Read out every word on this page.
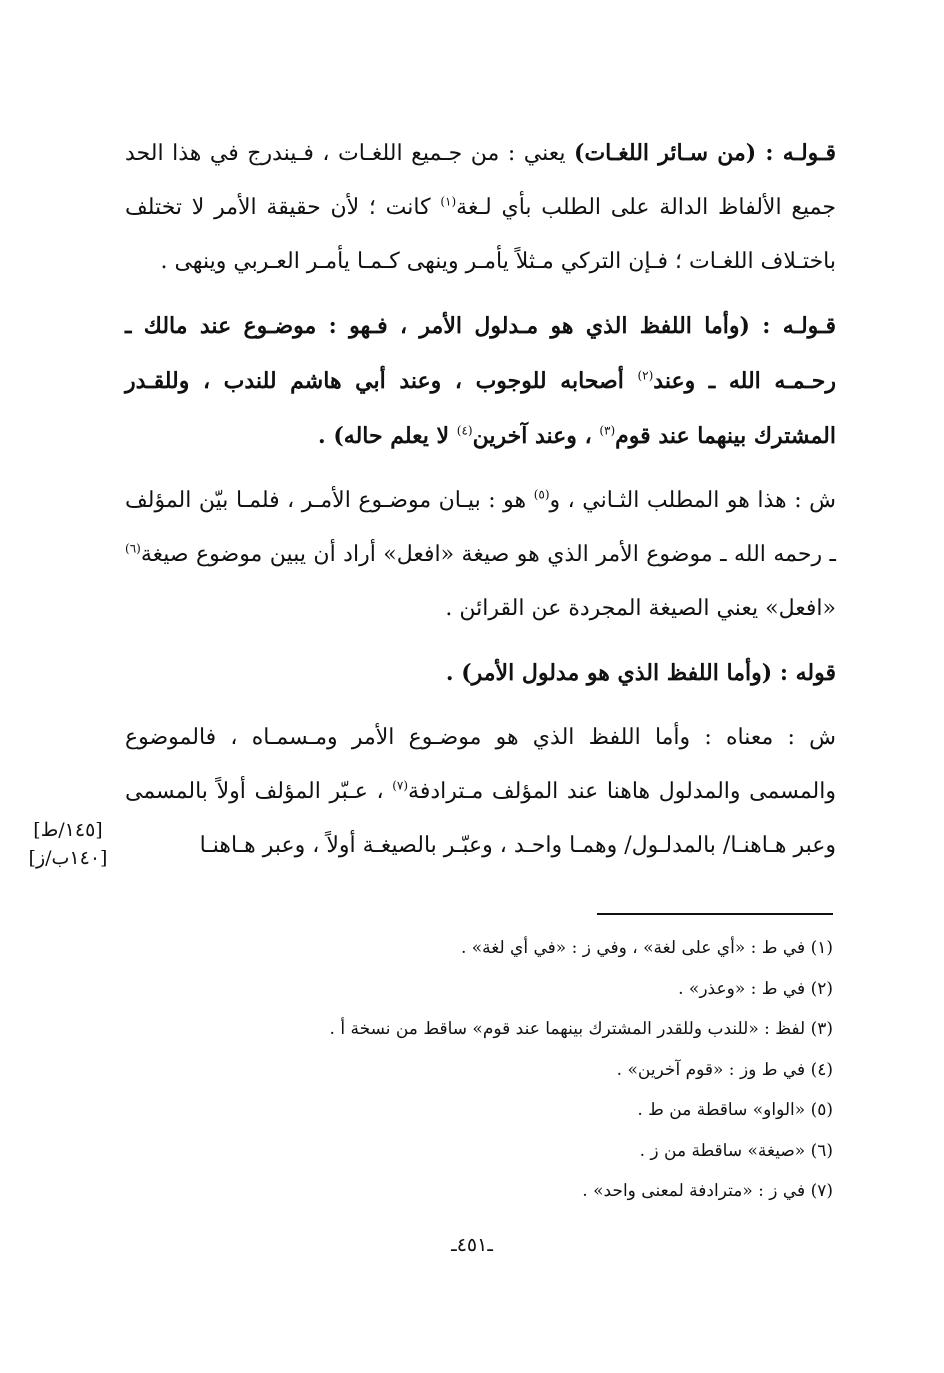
قـولـه : (من سـائر اللغـات) يعني : من جـميع اللغـات ، فـيندرج في هذا الحد جميع الألفاظ الدالة على الطلب بأي لـغة$^{(١)}$ كانت ؛ لأن حقيقة الأمر لا تختلف باختـلاف اللغـات ؛ فـإن التركي مـثلاً يأمـر وينهى كـمـا يأمـر العـربي وينهى .

قـولـه : (وأما اللفظ الذي هو مـدلول الأمر ، فـهو : موضـوع عند مالك ـ رحـمـه الله ـ وعند$^{(٢)}$ أصحابه للوجوب ، وعند أبي هاشم للندب ، وللقـدر المشترك بينهما عند قوم$^{(٣)}$ ، وعند آخرين$^{(٤)}$ لا يعلم حاله) .

ش : هذا هو المطلب الثـاني ، و$^{(٥)}$ هو : بيـان موضـوع الأمـر ، فلمـا بيّن المؤلف ـ رحمه الله ـ موضوع الأمر الذي هو صيغة «افعل» أراد أن يبين موضوع صيغة$^{(٦)}$ «افعل» يعني الصيغة المجردة عن القرائن .

قوله : (وأما اللفظ الذي هو مدلول الأمر) .

ش : معناه : وأما اللفظ الذي هو موضـوع الأمر ومـسمـاه ، فالموضوع والمسمى والمدلول هاهنا عند المؤلف مـترادفة$^{(٧)}$ ، عـبّر المؤلف أولاً بالمسمى وعبر هـاهنـا/ بالمدلـول/ وهمـا واحـد ، وعبّـر بالصيغـة أولاً ، وعبر هـاهنـا

[١٤٥/ط]
[١٤٠ب/ز]
(١) في ط : «أي على لغة» ، وفي ز : «في أي لغة» .
(٢) في ط : «وعذر» .
(٣) لفظ : «للندب وللقدر المشترك بينهما عند قوم» ساقط من نسخة أ .
(٤) في ط وز : «قوم آخرين» .
(٥) «الواو» ساقطة من ط .
(٦) «صيغة» ساقطة من ز .
(٧) في ز : «مترادفة لمعنى واحد» .
ـ٤٥١ـ
